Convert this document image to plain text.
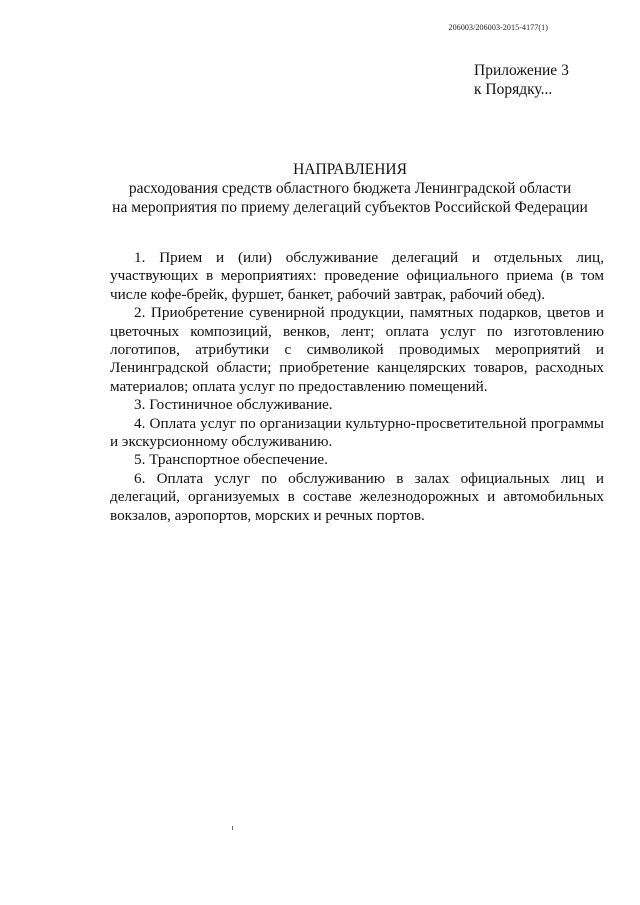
206003/206003-2015-4177(1)
Приложение 3
к Порядку...
НАПРАВЛЕНИЯ
расходования средств областного бюджета Ленинградской области
на мероприятия по приему делегаций субъектов Российской Федерации

1. Прием и (или) обслуживание делегаций и отдельных лиц, участвующих в мероприятиях: проведение официального приема (в том числе кофе-брейк, фуршет, банкет, рабочий завтрак, рабочий обед).

2. Приобретение сувенирной продукции, памятных подарков, цветов и цветочных композиций, венков, лент; оплата услуг по изготовлению логотипов, атрибутики с символикой проводимых мероприятий и Ленинградской области; приобретение канцелярских товаров, расходных материалов; оплата услуг по предоставлению помещений.

3. Гостиничное обслуживание.

4. Оплата услуг по организации культурно-просветительной программы и экскурсионному обслуживанию.

5. Транспортное обеспечение.

6. Оплата услуг по обслуживанию в залах официальных лиц и делегаций, организуемых в составе железнодорожных и автомобильных вокзалов, аэропортов, морских и речных портов.
